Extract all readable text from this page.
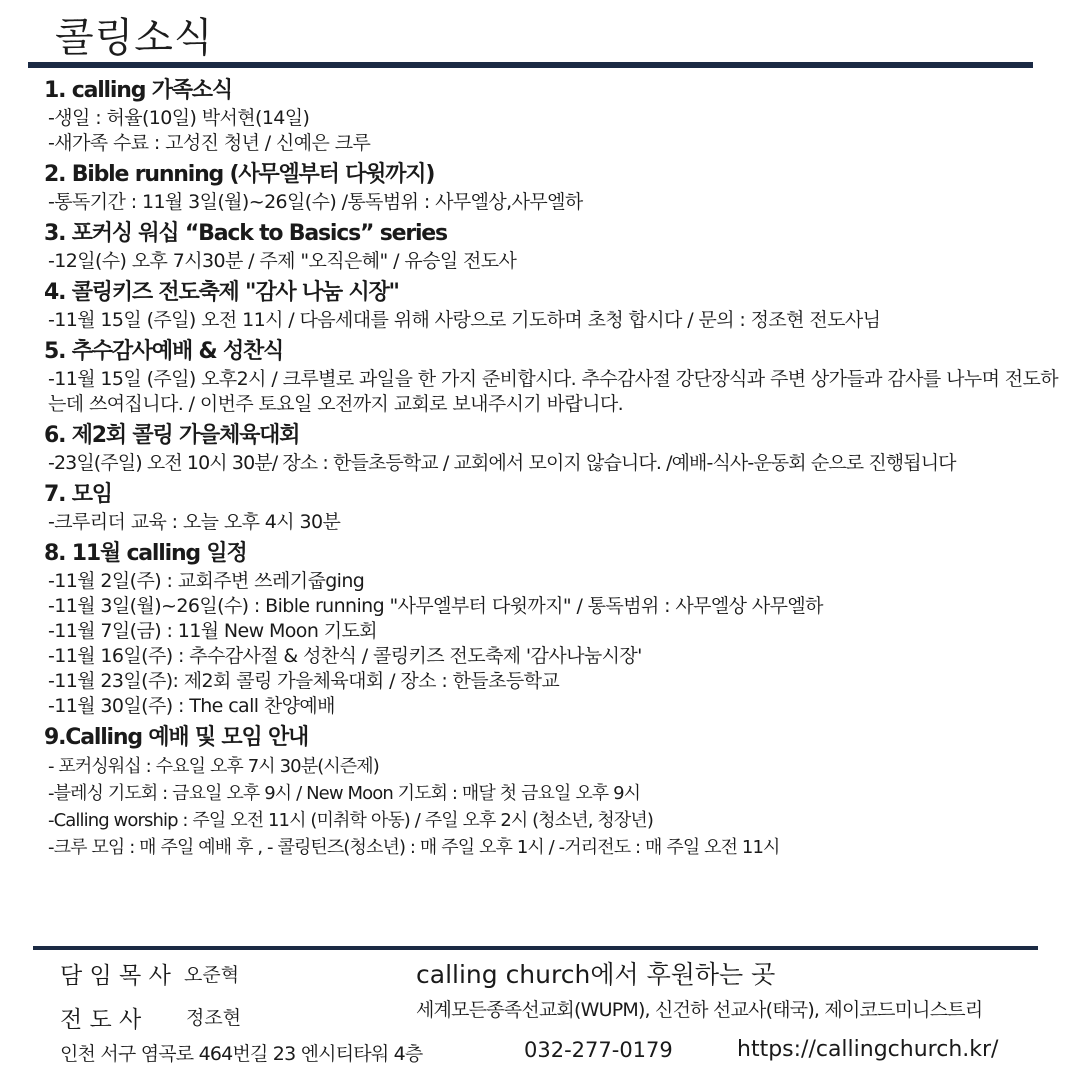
콜링소식
1. calling 가족소식
-생일 : 허율(10일) 박서현(14일)
-새가족 수료 : 고성진 청년 / 신예은 크루
2. Bible running (사무엘부터 다윗까지)
-통독기간 : 11월 3일(월)~26일(수) /통독범위 : 사무엘상,사무엘하
3. 포커싱 워십 “Back to Basics” series
-12일(수) 오후 7시30분 / 주제 "오직은혜" / 유승일 전도사
4. 콜링키즈 전도축제 "감사 나눔 시장"
-11월 15일 (주일) 오전 11시 / 다음세대를 위해 사랑으로 기도하며 초청 합시다 / 문의 : 정조현 전도사님
5. 추수감사예배 & 성찬식
-11월 15일 (주일) 오후2시 / 크루별로 과일을 한 가지 준비합시다. 추수감사절 강단장식과 주변 상가들과 감사를 나누며 전도하는데 쓰여집니다. / 이번주 토요일 오전까지 교회로 보내주시기 바랍니다.
6. 제2회 콜링 가을체육대회
-23일(주일) 오전 10시 30분/ 장소 : 한들초등학교 / 교회에서 모이지 않습니다. /예배-식사-운동회 순으로 진행됩니다
7. 모임
-크루리더 교육 : 오늘 오후 4시 30분
8. 11월 calling 일정
-11월 2일(주) : 교회주변 쓰레기줍ging
-11월 3일(월)~26일(수) : Bible running "사무엘부터 다윗까지" / 통독범위 : 사무엘상 사무엘하
-11월 7일(금) : 11월 New Moon 기도회
-11월 16일(주) : 추수감사절 & 성찬식 / 콜링키즈 전도축제 '감사나눔시장'
-11월 23일(주): 제2회 콜링 가을체육대회 / 장소 : 한들초등학교
-11월 30일(주) : The call 찬양예배
9.Calling 예배 및 모임 안내
- 포커싱워십 : 수요일 오후 7시 30분(시즌제)
-블레싱 기도회 : 금요일 오후 9시 / New Moon 기도회 : 매달 첫 금요일 오후 9시
-Calling worship : 주일 오전 11시 (미취학 아동) / 주일 오후 2시 (청소년, 청장년)
-크루 모임 : 매 주일 예배 후 , - 콜링틴즈(청소년) : 매 주일 오후 1시 / -거리전도 : 매 주일 오전 11시
담 임 목 사 오준혁
전 도 사 정조현
calling church에서 후원하는 곳
세계모든종족선교회(WUPM), 신건하 선교사(태국), 제이코드미니스트리
인천 서구 염곡로 464번길 23 엔시티타워 4층	032-277-0179	https://callingchurch.kr/
